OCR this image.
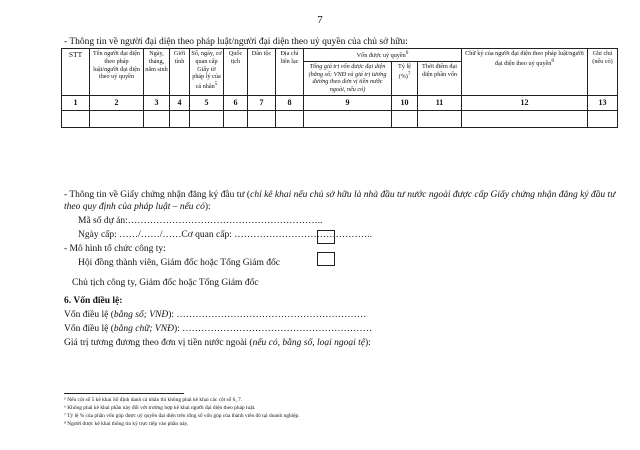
7
- Thông tin về người đại diện theo pháp luật/người đại diện theo uỷ quyền của chủ sở hữu:
STT	Tên người đại diện theo pháp luật/người đại diện theo uỷ quyền	Ngày, tháng, năm sinh	Giới tính	Số, ngày, cơ quan cấp Giấy tờ pháp lý của cá nhân$^5$	Quốc tịch	Dân tộc	Địa chỉ liên lạc	Vốn được uỷ quyền$^6$			Chữ ký của người đại diện theo pháp luật/người đại diện theo uỷ quyền$^8$	Ghi chú (nếu có)
								Tổng giá trị vốn được đại diện (bằng số; VNĐ và giá trị tương đương theo đơn vị tiền nước ngoài, nếu có)	Tỷ lệ (%)$^7$	Thời điểm đại diện phần vốn		
1	2	3	4	5	6	7	8	9	10	11	12	13

- Thông tin về Giấy chứng nhận đăng ký đầu tư (chỉ kê khai nếu chủ sở hữu là nhà đầu tư nước ngoài được cấp Giấy chứng nhận đăng ký đầu tư theo quy định của pháp luật – nếu có):
Mã số dự án:……………………………………………………..
Ngày cấp: ……/……/……Cơ quan cấp: ……………………………………..
- Mô hình tổ chức công ty:
Hội đồng thành viên, Giám đốc hoặc Tổng Giám đốc
Chủ tịch công ty, Giám đốc hoặc Tổng Giám đốc
6. Vốn điều lệ:
Vốn điều lệ (bằng số; VNĐ): ……………………………………………………
Vốn điều lệ (bằng chữ; VNĐ): ……………………………………………………
Giá trị tương đương theo đơn vị tiền nước ngoài (nếu có, bằng số, loại ngoại tệ):
⁵ Nếu cột số 5 kê khai Số định danh cá nhân thì không phải kê khai các cột số 6, 7.
⁶ Không phải kê khai phần này đối với trường hợp kê khai người đại diện theo pháp luật.
⁷ Tỷ lệ % của phần vốn góp được uỷ quyền đại diện trên tổng số vốn góp của thành viên đó tại doanh nghiệp.
⁸ Người được kê khai thông tin ký trực tiếp vào phần này.
